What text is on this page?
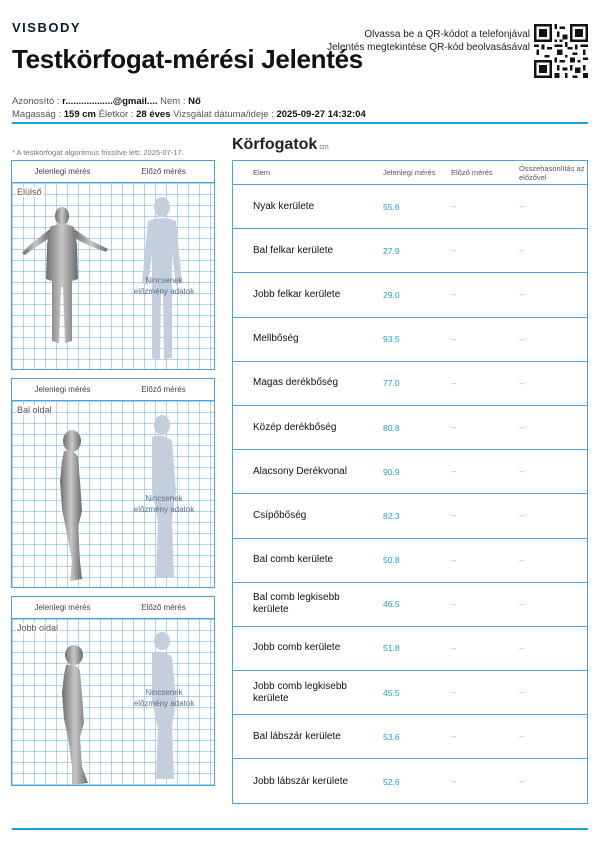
VISBODY
Testkörfogat-mérési Jelentés
Olvassa be a QR-kódot a telefonjával
Jelentés megtekintése QR-kód beolvasásával
Azonosító : r..................@gmail.... Nem : Nő
Magasság : 159 cm Életkor : 28 éves Vizsgálat dátuma/ideje : 2025-09-27 14:32:04
* A testkörfogat algoritmus frissítve lett: 2025-07-17.
Jelenlegi mérés	Előző mérés
Elülső
Nincsenek előzmény adatok
Jelenlegi mérés	Előző mérés
Bal oldal
Nincsenek előzmény adatok
Jelenlegi mérés	Előző mérés
Jobb oldal
Nincsenek előzmény adatok
Körfogatok cm
Elem	Jelenlegi mérés	Előző mérés	Összehasonlítás az előzővel
Nyak kerülete	55.6	--	--
Bal felkar kerülete	27.9	--	--
Jobb felkar kerülete	29.0	--	--
Mellbőség	93.5	--	--
Magas derékbőség	77.0	--	--
Közép derékbőség	80.8	--	--
Alacsony Derékvonal	90.9	--	--
Csípőbőség	82.3	--	--
Bal comb kerülete	50.8	--	--
Bal comb legkisebb kerülete	46.5	--	--
Jobb comb kerülete	51.8	--	--
Jobb comb legkisebb kerülete	45.5	--	--
Bal lábszár kerülete	53.6	--	--
Jobb lábszár kerülete	52.6	--	--
